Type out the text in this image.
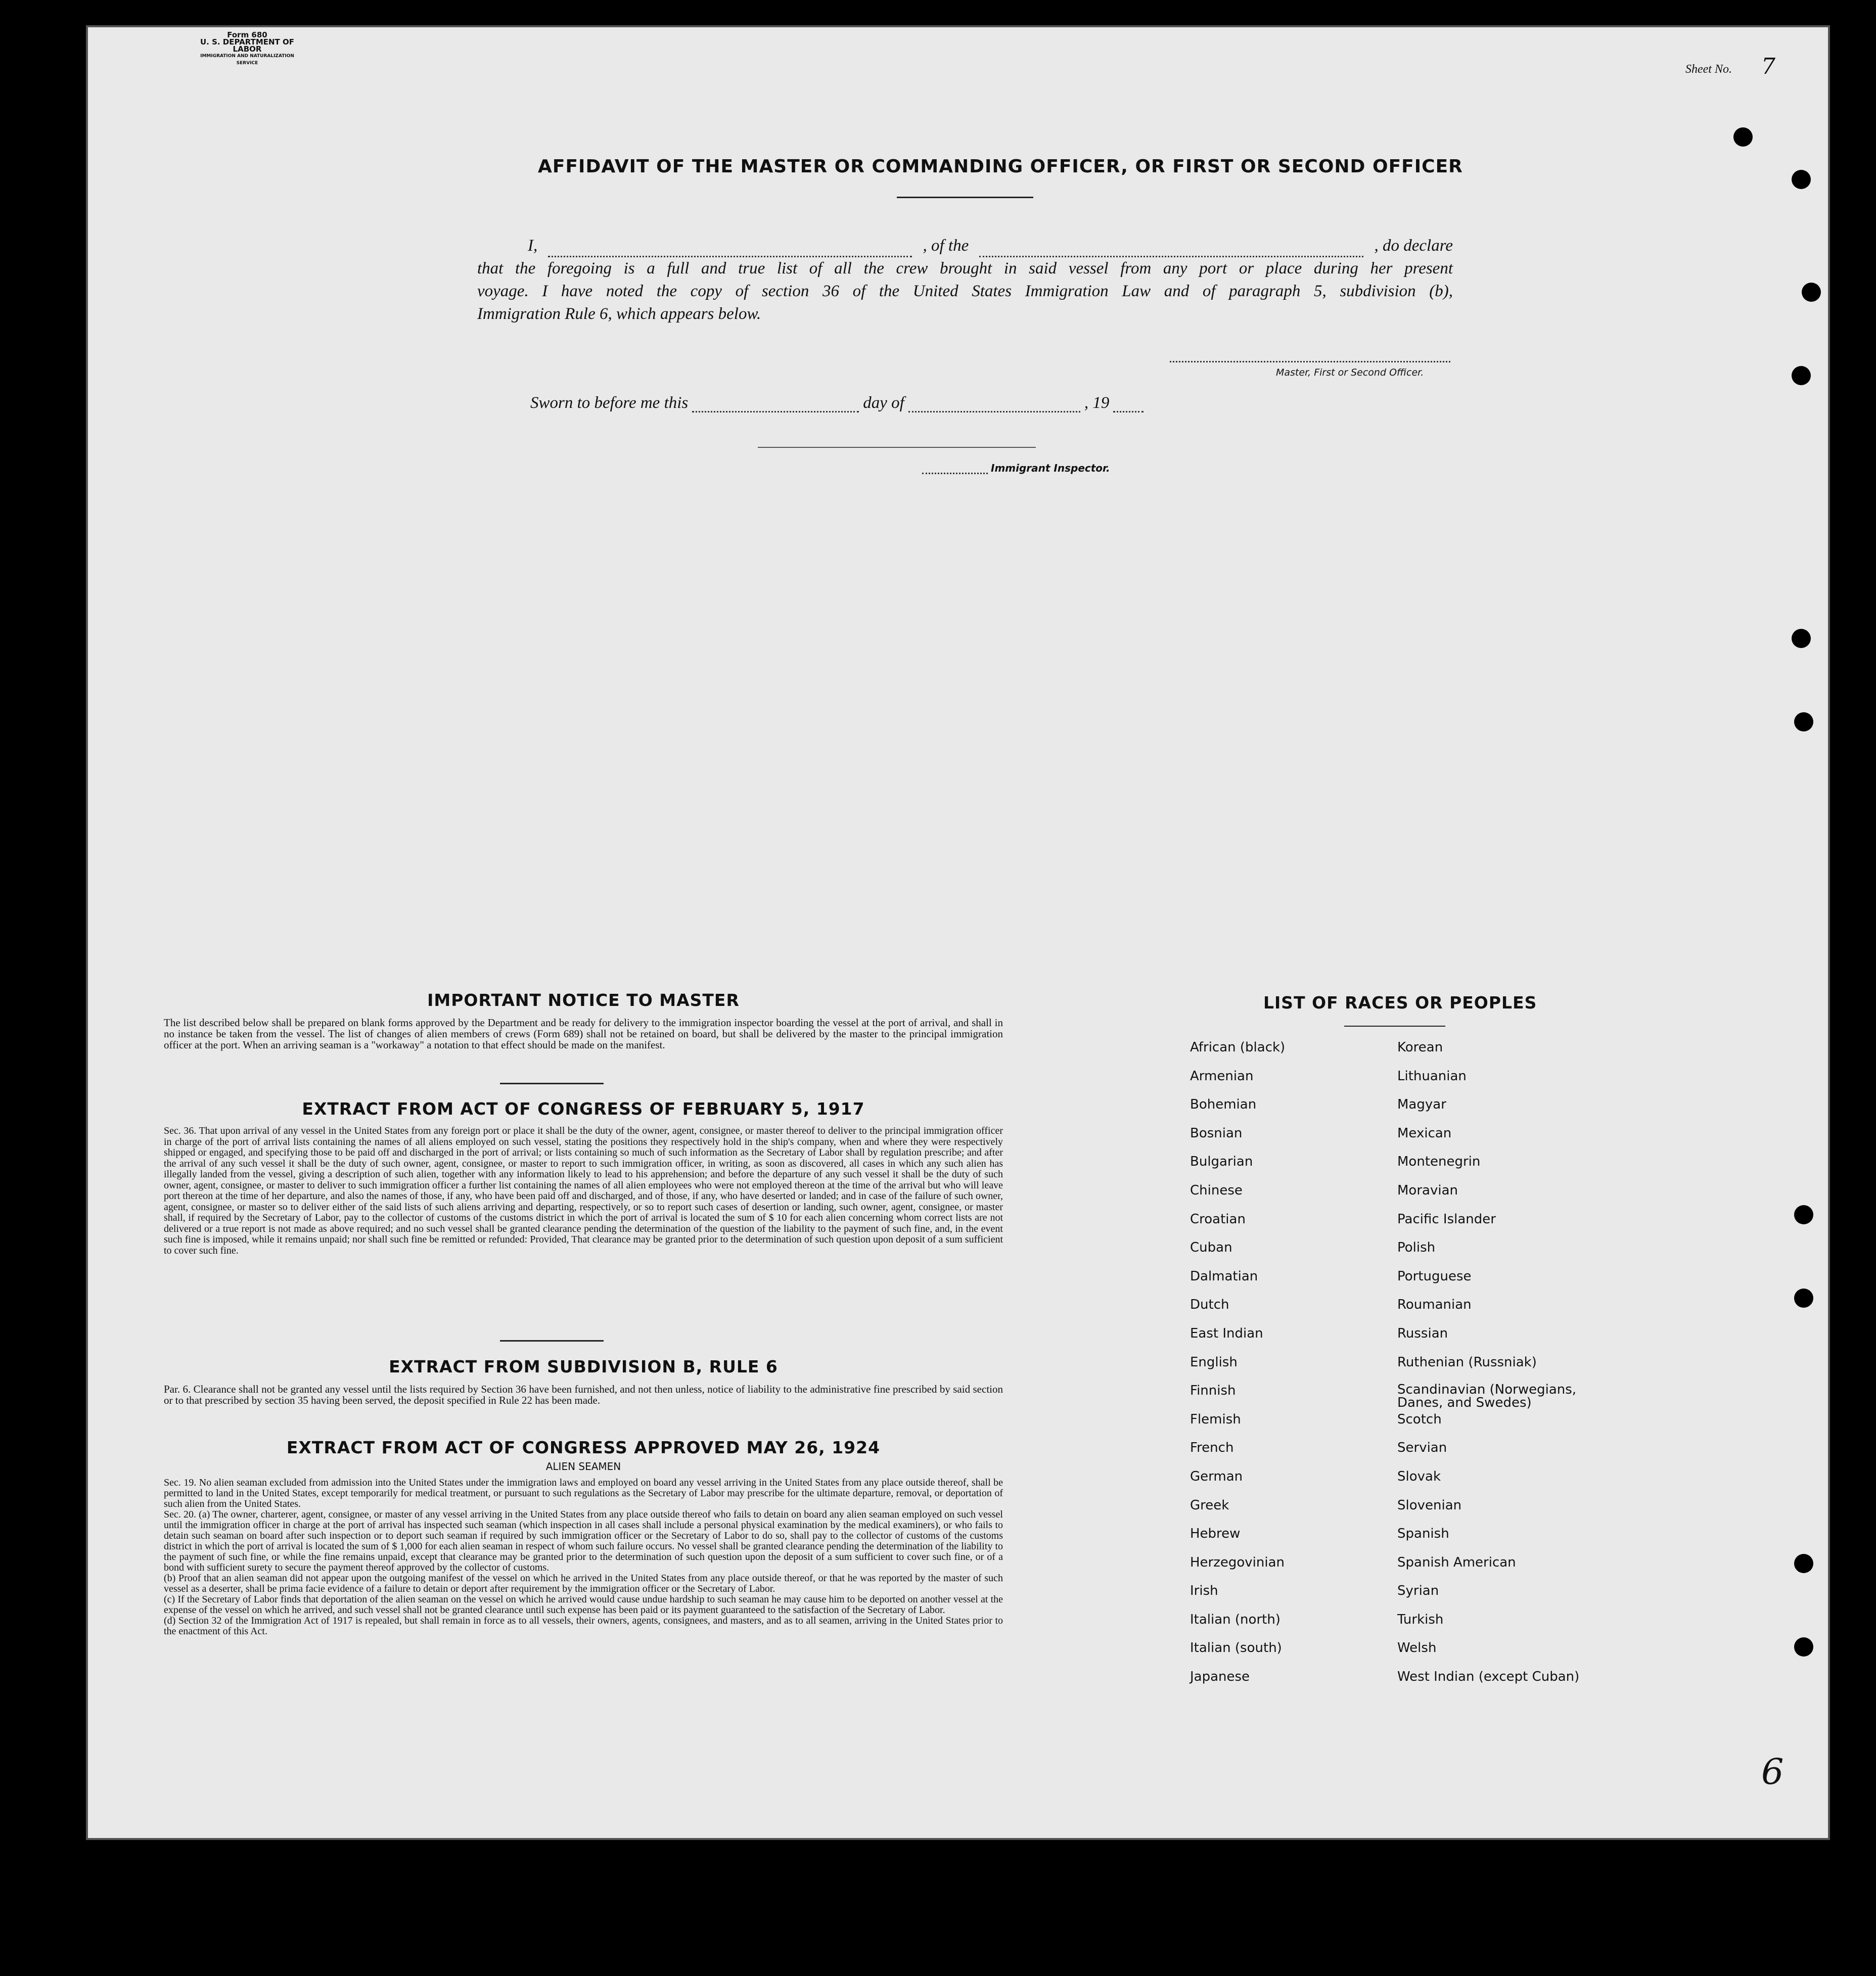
Form 680
U. S. DEPARTMENT OF LABOR
IMMIGRATION AND NATURALIZATION SERVICE	Sheet No. 7
AFFIDAVIT OF THE MASTER OR COMMANDING OFFICER, OR FIRST OR SECOND OFFICER
I,	, of the	, do declare
that the foregoing is a full and true list of all the crew brought in said vessel from any port or place during her present
voyage. I have noted the copy of section 36 of the United States Immigration Law and of paragraph 5, subdivision (b),
Immigration Rule 6, which appears below.
Master, First or Second Officer.
Sworn to before me this	day of	, 19
Immigrant Inspector.
IMPORTANT NOTICE TO MASTER
The list described below shall be prepared on blank forms approved by the Department and be ready for delivery to the immigration inspector boarding the vessel at the port of arrival, and shall in no instance be taken from the vessel. The list of changes of alien members of crews (Form 689) shall not be retained on board, but shall be delivered by the master to the principal immigration officer at the port. When an arriving seaman is a "workaway" a notation to that effect should be made on the manifest.
EXTRACT FROM ACT OF CONGRESS OF FEBRUARY 5, 1917
Sec. 36. That upon arrival of any vessel in the United States from any foreign port or place it shall be the duty of the owner, agent, consignee, or master thereof to deliver to the principal immigration officer in charge of the port of arrival lists containing the names of all aliens employed on such vessel, stating the positions they respectively hold in the ship's company, when and where they were respectively shipped or engaged, and specifying those to be paid off and discharged in the port of arrival; or lists containing so much of such information as the Secretary of Labor shall by regulation prescribe; and after the arrival of any such vessel it shall be the duty of such owner, agent, consignee, or master to report to such immigration officer, in writing, as soon as discovered, all cases in which any such alien has illegally landed from the vessel, giving a description of such alien, together with any information likely to lead to his apprehension; and before the departure of any such vessel it shall be the duty of such owner, agent, consignee, or master to deliver to such immigration officer a further list containing the names of all alien employees who were not employed thereon at the time of the arrival but who will leave port thereon at the time of her departure, and also the names of those, if any, who have been paid off and discharged, and of those, if any, who have deserted or landed; and in case of the failure of such owner, agent, consignee, or master so to deliver either of the said lists of such aliens arriving and departing, respectively, or so to report such cases of desertion or landing, such owner, agent, consignee, or master shall, if required by the Secretary of Labor, pay to the collector of customs of the customs district in which the port of arrival is located the sum of $ 10 for each alien concerning whom correct lists are not delivered or a true report is not made as above required; and no such vessel shall be granted clearance pending the determination of the question of the liability to the payment of such fine, and, in the event such fine is imposed, while it remains unpaid; nor shall such fine be remitted or refunded: Provided, That clearance may be granted prior to the determination of such question upon deposit of a sum sufficient to cover such fine.
EXTRACT FROM SUBDIVISION B, RULE 6
Par. 6. Clearance shall not be granted any vessel until the lists required by Section 36 have been furnished, and not then unless, notice of liability to the administrative fine prescribed by said section or to that prescribed by section 35 having been served, the deposit specified in Rule 22 has been made.
EXTRACT FROM ACT OF CONGRESS APPROVED MAY 26, 1924
ALIEN SEAMEN
Sec. 19. No alien seaman excluded from admission into the United States under the immigration laws and employed on board any vessel arriving in the United States from any place outside thereof, shall be permitted to land in the United States, except temporarily for medical treatment, or pursuant to such regulations as the Secretary of Labor may prescribe for the ultimate departure, removal, or deportation of such alien from the United States.
Sec. 20. (a) The owner, charterer, agent, consignee, or master of any vessel arriving in the United States from any place outside thereof who fails to detain on board any alien seaman employed on such vessel until the immigration officer in charge at the port of arrival has inspected such seaman (which inspection in all cases shall include a personal physical examination by the medical examiners), or who fails to detain such seaman on board after such inspection or to deport such seaman if required by such immigration officer or the Secretary of Labor to do so, shall pay to the collector of customs of the customs district in which the port of arrival is located the sum of $ 1,000 for each alien seaman in respect of whom such failure occurs. No vessel shall be granted clearance pending the determination of the liability to the payment of such fine, or while the fine remains unpaid, except that clearance may be granted prior to the determination of such question upon the deposit of a sum sufficient to cover such fine, or of a bond with sufficient surety to secure the payment thereof approved by the collector of customs.
(b) Proof that an alien seaman did not appear upon the outgoing manifest of the vessel on which he arrived in the United States from any place outside thereof, or that he was reported by the master of such vessel as a deserter, shall be prima facie evidence of a failure to detain or deport after requirement by the immigration officer or the Secretary of Labor.
(c) If the Secretary of Labor finds that deportation of the alien seaman on the vessel on which he arrived would cause undue hardship to such seaman he may cause him to be deported on another vessel at the expense of the vessel on which he arrived, and such vessel shall not be granted clearance until such expense has been paid or its payment guaranteed to the satisfaction of the Secretary of Labor.
(d) Section 32 of the Immigration Act of 1917 is repealed, but shall remain in force as to all vessels, their owners, agents, consignees, and masters, and as to all seamen, arriving in the United States prior to the enactment of this Act.
LIST OF RACES OR PEOPLES
African (black)	Korean
Armenian	Lithuanian
Bohemian	Magyar
Bosnian	Mexican
Bulgarian	Montenegrin
Chinese	Moravian
Croatian	Pacific Islander
Cuban	Polish
Dalmatian	Portuguese
Dutch	Roumanian
East Indian	Russian
English	Ruthenian (Russniak)
Finnish	Scandinavian (Norwegians, Danes, and Swedes)
Flemish	Scotch
French	Servian
German	Slovak
Greek	Slovenian
Hebrew	Spanish
Herzegovinian	Spanish American
Irish	Syrian
Italian (north)	Turkish
Italian (south)	Welsh
Japanese	West Indian (except Cuban)
6
